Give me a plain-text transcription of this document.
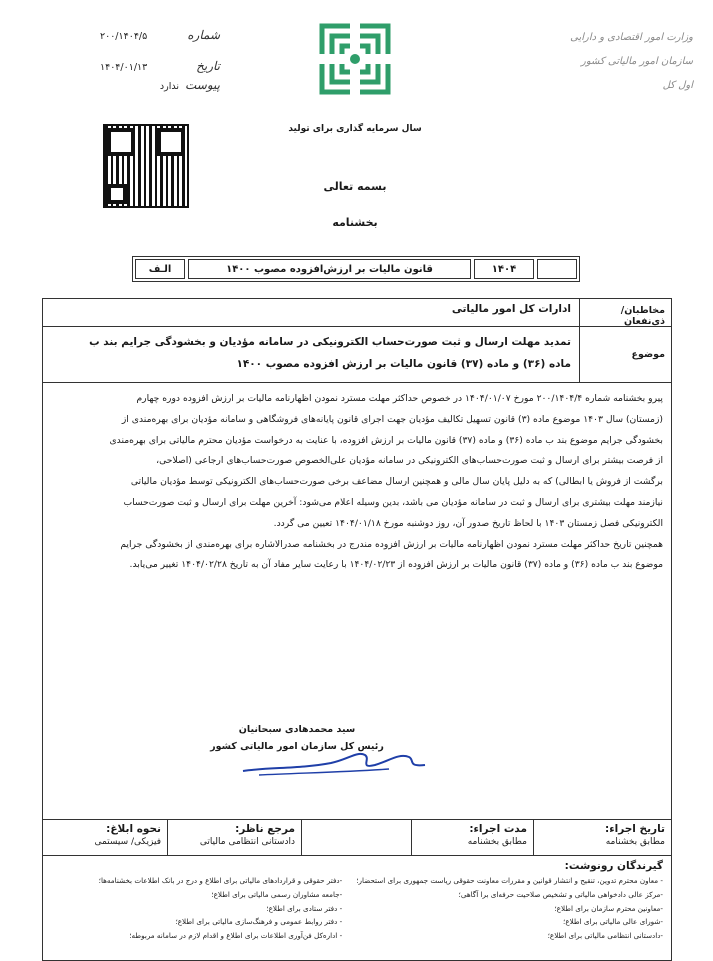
۲۰۰/۱۴۰۴/۵	شماره
۱۴۰۴/۰۱/۱۳	تاریخ
ندارد پیوست
سال سرمایه گذاری برای تولید
وزارت امور اقتصادی و دارایی
سازمان امور مالیاتی کشور
اول کل
بسمه تعالی
بخشنامه
۱۴۰۴
قانون مالیات بر ارزش‌افزوده مصوب ۱۴۰۰
الـف
مخاطبان/ذی‌نفعان
ادارات کل امور مالیاتی
موضوع
تمدید مهلت ارسال و ثبت صورت‌حساب الکترونیکی در سامانه مؤدیان و بخشودگی جرایم بند ب
ماده (۳۶) و ماده (۳۷) قانون مالیات بر ارزش افزوده مصوب ۱۴۰۰

پیرو بخشنامه شماره ۲۰۰/۱۴۰۴/۴ مورخ ۱۴۰۴/۰۱/۰۷ در خصوص حداکثر مهلت مسترد نمودن اظهارنامه مالیات بر ارزش افزوده دوره چهارم

(زمستان) سال ۱۴۰۳ موضوع ماده (۳) قانون تسهیل تکالیف مؤدیان جهت اجرای قانون پایانه‌های فروشگاهی و سامانه مؤدیان برای بهره‌مندی از

بخشودگی جرایم موضوع بند ب ماده (۳۶) و ماده (۳۷) قانون مالیات بر ارزش افزوده، با عنایت به درخواست مؤدیان محترم مالیاتی برای بهره‌مندی

از فرصت بیشتر برای ارسال و ثبت صورت‌حساب‌های الکترونیکی در سامانه مؤدیان علی‌الخصوص صورت‌حساب‌های ارجاعی (اصلاحی،

برگشت از فروش یا ابطالی) که به دلیل پایان سال مالی و همچنین ارسال مضاعف برخی صورت‌حساب‌های الکترونیکی توسط مؤدیان مالیاتی

نیازمند مهلت بیشتری برای ارسال و ثبت در سامانه مؤدیان می باشد، بدین وسیله اعلام می‌شود: آخرین مهلت برای ارسال و ثبت صورت‌حساب

الکترونیکی فصل زمستان ۱۴۰۳ با لحاظ تاریخ صدور آن، روز دوشنبه مورخ ۱۴۰۴/۰۱/۱۸ تعیین می گردد.

همچنین تاریخ حداکثر مهلت مسترد نمودن اظهارنامه مالیات بر ارزش افزوده مندرج در بخشنامه صدرالاشاره برای بهره‌مندی از بخشودگی جرایم

موضوع بند ب ماده (۳۶) و ماده (۳۷) قانون مالیات بر ارزش افزوده از ۱۴۰۴/۰۲/۲۳ با رعایت سایر مفاد آن به تاریخ ۱۴۰۴/۰۲/۲۸ تغییر می‌یابد.

سید محمدهادی سبحانیان
رئیس کل سازمان امور مالیاتی کشور
تاریخ اجراء:
مطابق بخشنامه
مدت اجراء:
مطابق بخشنامه
مرجع ناظر:
دادستانی انتظامی مالیاتی
نحوه ابلاغ:
فیزیکی/ سیستمی
گیرندگان رونوشت:
- معاون محترم تدوین، تنقیح و انتشار قوانین و مقررات معاونت حقوقی ریاست جمهوری برای استحضار؛
-مرکز عالی دادخواهی مالیاتی و تشخیص صلاحیت حرفه‌ای برا آگاهی؛
-معاونین محترم سازمان برای اطلاع؛
-شورای عالی مالیاتی برای اطلاع؛
-دادستانی انتظامی مالیاتی برای اطلاع؛
-دفتر حقوقی و قراردادهای مالیاتی برای اطلاع و درج در بانک اطلاعات بخشنامه‌ها؛
-جامعه مشاوران رسمی مالیاتی برای اطلاع؛
- دفتر ستادی برای اطلاع؛
- دفتر روابط عمومی و فرهنگ‌سازی مالیاتی برای اطلاع؛
- اداره‌کل فن‌آوری اطلاعات برای اطلاع و اقدام لازم در سامانه مربوطه؛
